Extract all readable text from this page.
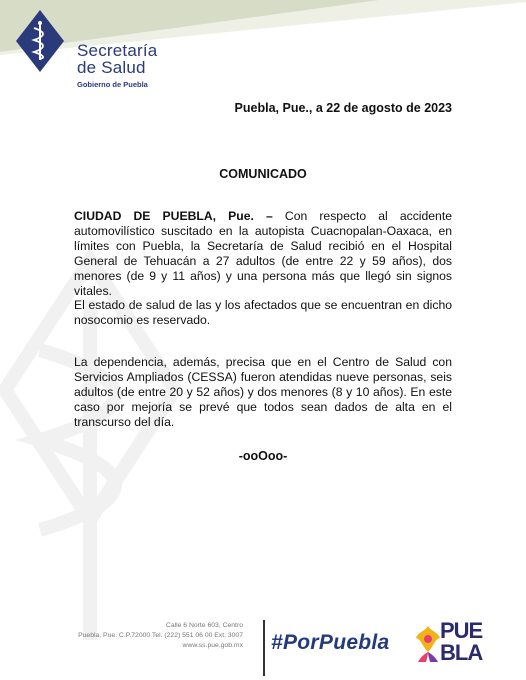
Secretaría
de Salud
Gobierno de Puebla
Puebla, Pue., a 22 de agosto de 2023
COMUNICADO
CIUDAD DE PUEBLA, Pue. – Con respecto al accidente automovilístico suscitado en la autopista Cuacnopalan-Oaxaca, en límites con Puebla, la Secretaría de Salud recibió en el Hospital General de Tehuacán a 27 adultos (de entre 22 y 59 años), dos menores (de 9 y 11 años) y una persona más que llegó sin signos vitales.
El estado de salud de las y los afectados que se encuentran en dicho nosocomio es reservado.
La dependencia, además, precisa que en el Centro de Salud con Servicios Ampliados (CESSA) fueron atendidas nueve personas, seis adultos (de entre 20 y 52 años) y dos menores (8 y 10 años). En este caso por mejoría se prevé que todos sean dados de alta en el transcurso del día.
-ooOoo-
Calle 6 Norte 603, Centro
Puebla, Pue. C.P.72000 Tel. (222) 551 06 00 Ext. 3007
www.ss.pue.gob.mx #PorPuebla PUE
BLA
